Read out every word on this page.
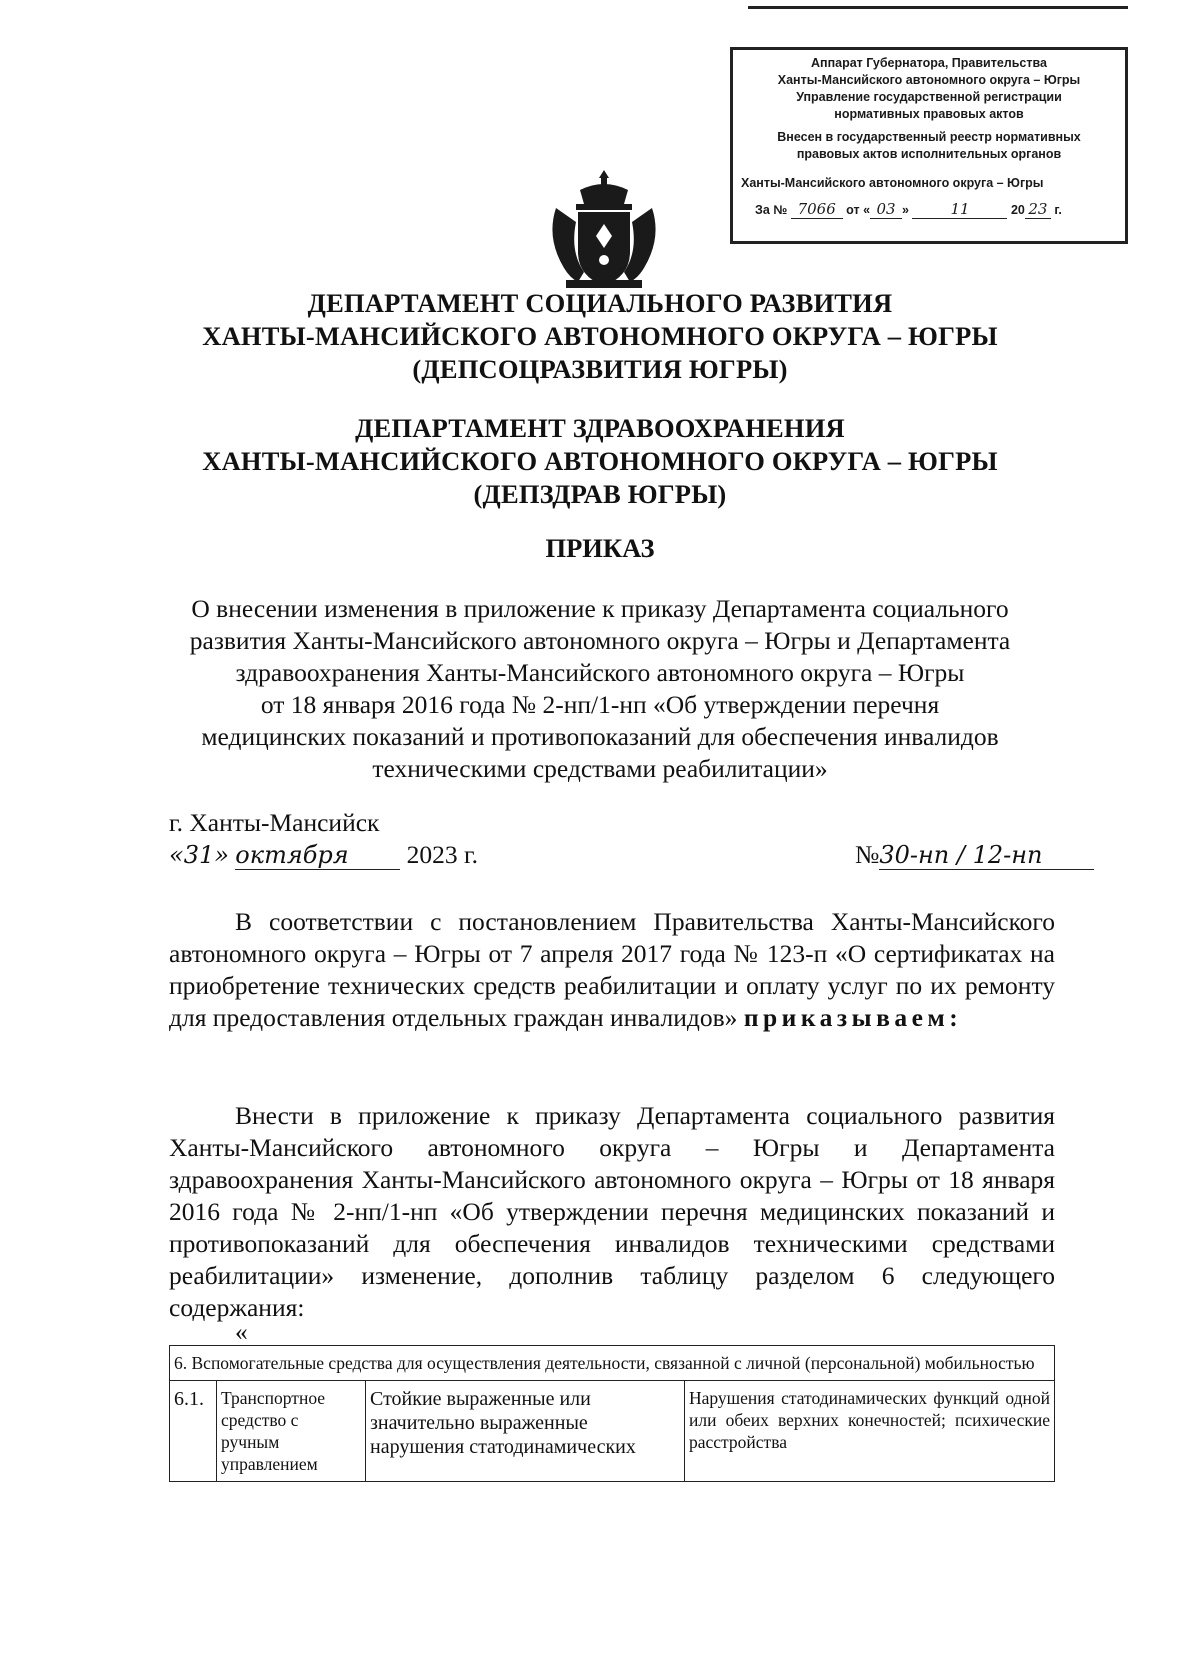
Аппарат Губернатора, Правительства
Ханты-Мансийского автономного округа – Югры
Управление государственной регистрации
нормативных правовых актов
Внесен в государственный реестр нормативных
правовых актов исполнительных органов
Ханты-Мансийского автономного округа – Югры
За № 7066 от « 03 »	11	20 23 г.
ДЕПАРТАМЕНТ СОЦИАЛЬНОГО РАЗВИТИЯ
ХАНТЫ-МАНСИЙСКОГО АВТОНОМНОГО ОКРУГА – ЮГРЫ
(ДЕПСОЦРАЗВИТИЯ ЮГРЫ)
ДЕПАРТАМЕНТ ЗДРАВООХРАНЕНИЯ
ХАНТЫ-МАНСИЙСКОГО АВТОНОМНОГО ОКРУГА – ЮГРЫ
(ДЕПЗДРАВ ЮГРЫ)
ПРИКАЗ
О внесении изменения в приложение к приказу Департамента социального
развития Ханты-Мансийского автономного округа – Югры и Департамента
здравоохранения Ханты-Мансийского автономного округа – Югры
от 18 января 2016 года № 2-нп/1-нп «Об утверждении перечня
медицинских показаний и противопоказаний для обеспечения инвалидов
техническими средствами реабилитации»
г. Ханты-Мансийск
«31» октября 2023 г.	№30-нп / 12-нп
В соответствии с постановлением Правительства Ханты-Мансийского автономного округа – Югры от 7 апреля 2017 года № 123-п «О сертификатах на приобретение технических средств реабилитации и оплату услуг по их ремонту для предоставления отдельных граждан инвалидов» приказываем:
Внести в приложение к приказу Департамента социального развития Ханты-Мансийского автономного округа – Югры и Департамента здравоохранения Ханты-Мансийского автономного округа – Югры от 18 января 2016 года № 2-нп/1-нп «Об утверждении перечня медицинских показаний и противопоказаний для обеспечения инвалидов техническими средствами реабилитации» изменение, дополнив таблицу разделом 6 следующего содержания:
«
6. Вспомогательные средства для осуществления деятельности, связанной с личной (персональной) мобильностью
6.1.	Транспортное средство с ручным управлением	Стойкие выраженные или значительно выраженные нарушения статодинамических	Нарушения статодинамических функций одной или обеих верхних конечностей; психические расстройства
